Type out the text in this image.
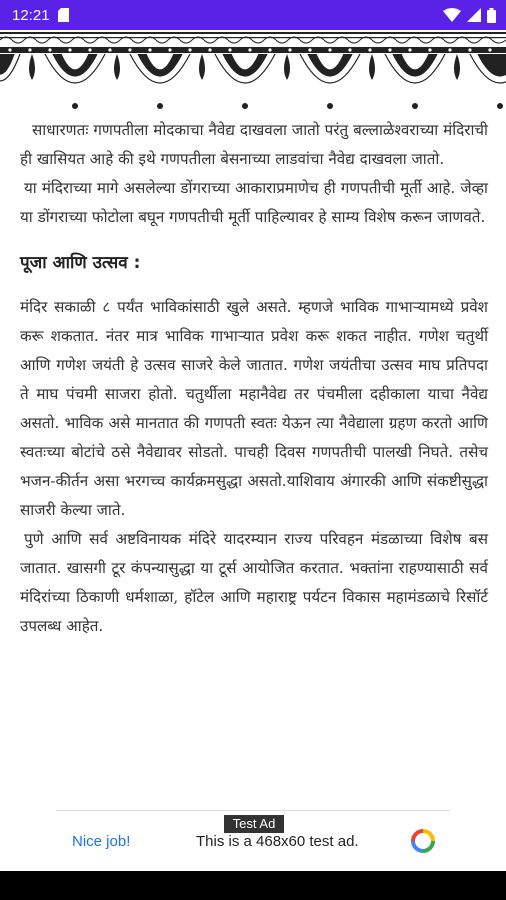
12:21

साधारणतः गणपतीला मोदकाचा नैवेद्य दाखवला जातो परंतु बल्लाळेश्वराच्या मंदिराची ही खासियत आहे की इथे गणपतीला बेसनाच्या लाडवांचा नैवेद्य दाखवला जातो.

या मंदिराच्या मागे असलेल्या डोंगराच्या आकाराप्रमाणेच ही गणपतीची मूर्ती आहे. जेव्हा या डोंगराच्या फोटोला बघून गणपतीची मूर्ती पाहिल्यावर हे साम्य विशेष करून जाणवते.

पूजा आणि उत्सव :

मंदिर सकाळी ८ पर्यंत भाविकांसाठी खुले असते. म्हणजे भाविक गाभाऱ्यामध्ये प्रवेश करू शकतात. नंतर मात्र भाविक गाभाऱ्यात प्रवेश करू शकत नाहीत. गणेश चतुर्थी आणि गणेश जयंती हे उत्सव साजरे केले जातात. गणेश जयंतीचा उत्सव माघ प्रतिपदा ते माघ पंचमी साजरा होतो. चतुर्थीला महानैवेद्य तर पंचमीला दहीकाला याचा नैवेद्य असतो. भाविक असे मानतात की गणपती स्वतः येऊन त्या नैवेद्याला ग्रहण करतो आणि स्वतःच्या बोटांचे ठसे नैवेद्यावर सोडतो. पाचही दिवस गणपतीची पालखी निघते. तसेच भजन-कीर्तन असा भरगच्च कार्यक्रमसुद्धा असतो.याशिवाय अंगारकी आणि संकष्टीसुद्धा साजरी केल्या जाते.

पुणे आणि सर्व अष्टविनायक मंदिरे यादरम्यान राज्य परिवहन मंडळाच्या विशेष बस जातात. खासगी टूर कंपन्यासुद्धा या टूर्स आयोजित करतात. भक्तांना राहण्यासाठी सर्व मंदिरांच्या ठिकाणी धर्मशाळा, हॉटेल आणि महाराष्ट्र पर्यटन विकास महामंडळाचे रिसॉर्ट उपलब्ध आहेत.

Test Ad
Nice job!	This is a 468x60 test ad.
